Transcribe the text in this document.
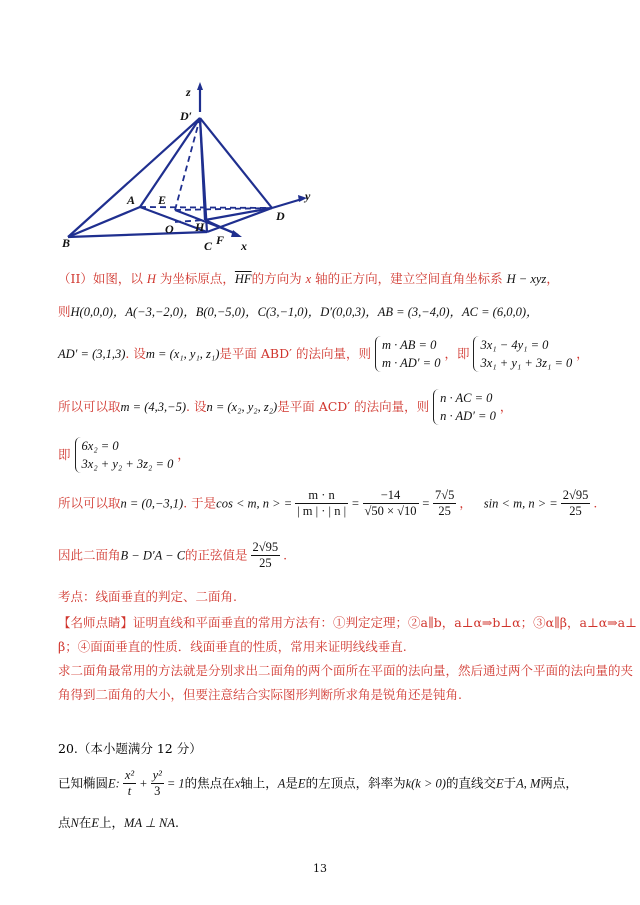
z
D′
A E
O H
F
C
B
D
y
x
（II）如图，以 H 为坐标原点，$\overline{HF}$的方向为 x 轴的正方向，建立空间直角坐标系 H − xyz，
则H(0,0,0)，A(−3,−2,0)，B(0,−5,0)，C(3,−1,0)，D′(0,0,3)，AB = (3,−4,0)，AC = (6,0,0)，
AD′ = (3,1,3). 设m = (x₁, y₁, z₁)是平面 ABD′ 的法向量，则
m · AB = 0
m · AD′ = 0
，即
3x₁ − 4y₁ = 0
3x₁ + y₁ + 3z₁ = 0
，
所以可以取m = (4,3,−5). 设n = (x₂, y₂, z₂)是平面 ACD′ 的法向量，则
n · AC = 0
n · AD′ = 0
，
即
6x₂ = 0
3x₂ + y₂ + 3z₂ = 0
，
所以可以取n = (0,−3,1). 于是cos < m, n > = $\frac{m \cdot n}{| m | \cdot | n |} = \frac{-14}{√50 \times √10} = \frac{7√5}{25}$ ， sin < m, n > = $\frac{2√95}{25}$ .
因此二面角B − D′A − C的正弦值是 $\frac{2√95}{25}$ .
考点：线面垂直的判定、二面角.
【名师点睛】证明直线和平面垂直的常用方法有：①判定定理；②a∥b，a⊥α⇒b⊥α；③α∥β，a⊥α⇒a⊥
β；④面面垂直的性质．线面垂直的性质，常用来证明线线垂直.
求二面角最常用的方法就是分别求出二面角的两个面所在平面的法向量，然后通过两个平面的法向量的夹
角得到二面角的大小，但要注意结合实际图形判断所求角是锐角还是钝角.
20.（本小题满分 12 分）
已知椭圆E: $\frac{\text{x²}}{t} + \frac{\text{y²}}{3} = 1$的焦点在x轴上，A是E的左顶点，斜率为k(k > 0)的直线交E于A, M两点，
点N在E上，MA ⊥ NA.
13
